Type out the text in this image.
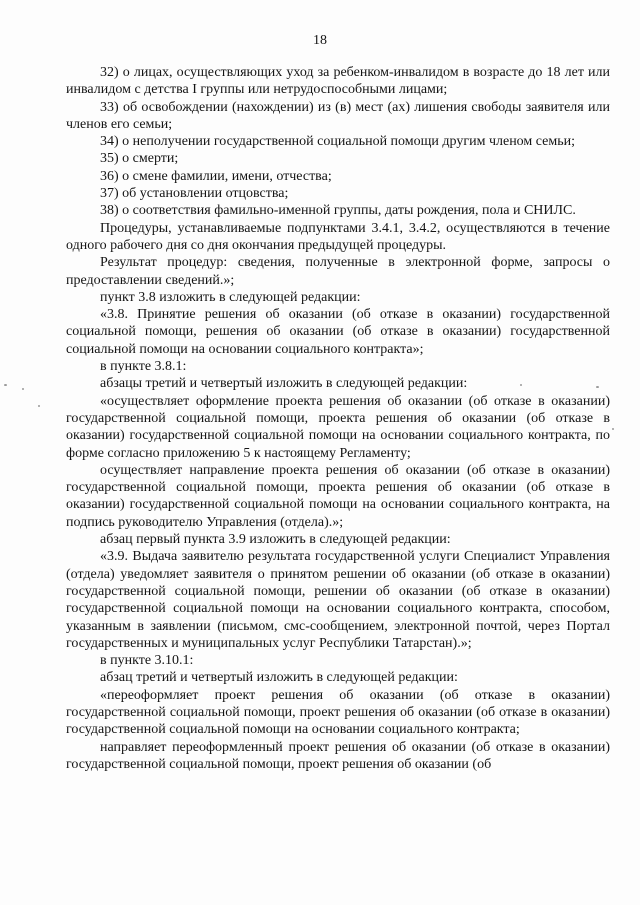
18

32) о лицах, осуществляющих уход за ребенком-инвалидом в возрасте до 18 лет или инвалидом с детства I группы или нетрудоспособными лицами;

33) об освобождении (нахождении) из (в) мест (ах) лишения свободы заявителя или членов его семьи;

34) о неполучении государственной социальной помощи другим членом семьи;

35) о смерти;

36) о смене фамилии, имени, отчества;

37) об установлении отцовства;

38) о соответствия фамильно-именной группы, даты рождения, пола и СНИЛС.

Процедуры, устанавливаемые подпунктами 3.4.1, 3.4.2, осуществляются в течение одного рабочего дня со дня окончания предыдущей процедуры.

Результат процедур: сведения, полученные в электронной форме, запросы о предоставлении сведений.»;

пункт 3.8 изложить в следующей редакции:

«3.8. Принятие решения об оказании (об отказе в оказании) государственной социальной помощи, решения об оказании (об отказе в оказании) государственной социальной помощи на основании социального контракта»;

в пункте 3.8.1:

абзацы третий и четвертый изложить в следующей редакции:

«осуществляет оформление проекта решения об оказании (об отказе в оказании) государственной социальной помощи, проекта решения об оказании (об отказе в оказании) государственной социальной помощи на основании социального контракта, по форме согласно приложению 5 к настоящему Регламенту;

осуществляет направление проекта решения об оказании (об отказе в оказании) государственной социальной помощи, проекта решения об оказании (об отказе в оказании) государственной социальной помощи на основании социального контракта, на подпись руководителю Управления (отдела).»;

абзац первый пункта 3.9 изложить в следующей редакции:

«3.9. Выдача заявителю результата государственной услуги Специалист Управления (отдела) уведомляет заявителя о принятом решении об оказании (об отказе в оказании) государственной социальной помощи, решении об оказании (об отказе в оказании) государственной социальной помощи на основании социального контракта, способом, указанным в заявлении (письмом, смс-сообщением, электронной почтой, через Портал государственных и муниципальных услуг Республики Татарстан).»;

в пункте 3.10.1:

абзац третий и четвертый изложить в следующей редакции:

«переоформляет проект решения об оказании (об отказе в оказании) государственной социальной помощи, проект решения об оказании (об отказе в оказании) государственной социальной помощи на основании социального контракта;

направляет переоформленный проект решения об оказании (об отказе в оказании) государственной социальной помощи, проект решения об оказании (об
